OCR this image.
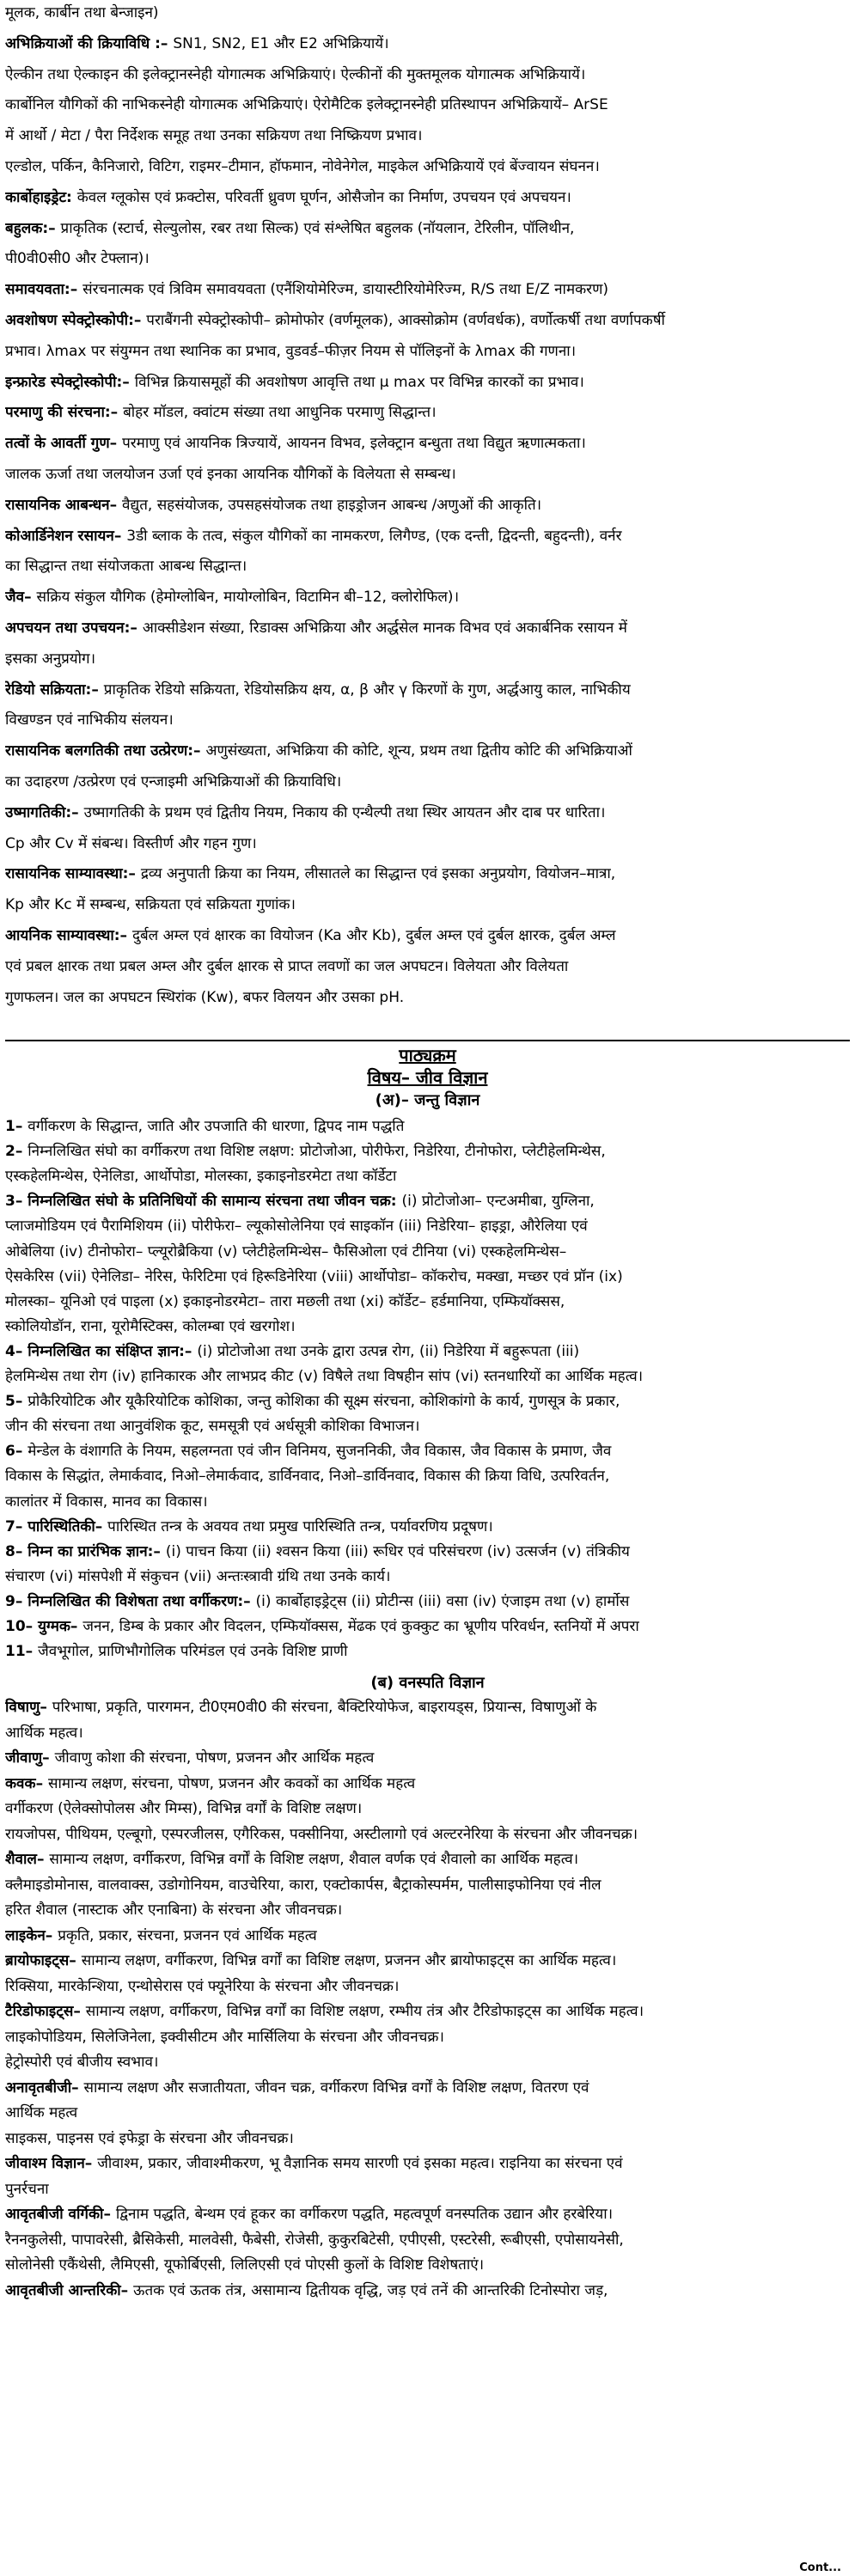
मूलक, कार्बीन तथा बेन्जाइन)
अभिक्रियाओं की क्रियाविधि :– SN1, SN2, E1 और E2 अभिक्रियायें।
ऐल्कीन तथा ऐल्काइन की इलेक्ट्रानस्नेही योगात्मक अभिक्रियाएं। ऐल्कीनों की मुक्तमूलक योगात्मक अभिक्रियायें।
कार्बोनिल यौगिकों की नाभिकस्नेही योगात्मक अभिक्रियाएं। ऐरोमैटिक इलेक्ट्रानस्नेही प्रतिस्थापन अभिक्रियायें– ArSE
में आर्थो / मेटा / पैरा निर्देशक समूह तथा उनका सक्रियण तथा निष्क्रियण प्रभाव।
एल्डोल, पर्किन, कैनिजारो, विटिग, राइमर–टीमान, हॉफमान, नोवेनेगेल, माइकेल अभिक्रियायें एवं बेंज्वायन संघनन।
कार्बोहाइड्रेट: केवल ग्लूकोस एवं फ्रक्टोस, परिवर्ती ध्रुवण घूर्णन, ओसैजोन का निर्माण, उपचयन एवं अपचयन।
बहुलक:– प्राकृतिक (स्टार्च, सेल्युलोस, रबर तथा सिल्क) एवं संश्लेषित बहुलक (नॉयलान, टेरिलीन, पॉलिथीन,
पी0वी0सी0 और टेफ्लान)।
समावयवता:– संरचनात्मक एवं त्रिविम समावयवता (एनैंशियोमेरिज्म, डायास्टीरियोमेरिज्म, R/S तथा E/Z नामकरण)
अवशोषण स्पेक्ट्रोस्कोपी:– पराबैंगनी स्पेक्ट्रोस्कोपी– क्रोमोफोर (वर्णमूलक), आक्सोक्रोम (वर्णवर्धक), वर्णोत्कर्षी तथा वर्णापकर्षी
प्रभाव। λmax पर संयुग्मन तथा स्थानिक का प्रभाव, वुडवर्ड–फीज़र नियम से पॉलिइनों के λmax की गणना।
इन्फ्रारेड स्पेक्ट्रोस्कोपी:– विभिन्न क्रियासमूहों की अवशोषण आवृत्ति तथा μ max पर विभिन्न कारकों का प्रभाव।
परमाणु की संरचना:– बोहर मॉडल, क्वांटम संख्या तथा आधुनिक परमाणु सिद्धान्त।
तत्वों के आवर्ती गुण– परमाणु एवं आयनिक त्रिज्यायें, आयनन विभव, इलेक्ट्रान बन्धुता तथा विद्युत ऋणात्मकता।
जालक ऊर्जा तथा जलयोजन उर्जा एवं इनका आयनिक यौगिकों के विलेयता से सम्बन्ध।
रासायनिक आबन्धन– वैद्युत, सहसंयोजक, उपसहसंयोजक तथा हाइड्रोजन आबन्ध /अणुओं की आकृति।
कोआर्डिनेशन रसायन– 3डी ब्लाक के तत्व, संकुल यौगिकों का नामकरण, लिगैण्ड, (एक दन्ती, द्विदन्ती, बहुदन्ती), वर्नर
का सिद्धान्त तथा संयोजकता आबन्ध सिद्धान्त।
जैव– सक्रिय संकुल यौगिक (हेमोग्लोबिन, मायोग्लोबिन, विटामिन बी–12, क्लोरोफिल)।
अपचयन तथा उपचयन:– आक्सीडेशन संख्या, रिडाक्स अभिक्रिया और अर्द्धसेल मानक विभव एवं अकार्बनिक रसायन में
इसका अनुप्रयोग।
रेडियो सक्रियता:– प्राकृतिक रेडियो सक्रियता, रेडियोसक्रिय क्षय, α, β और γ किरणों के गुण, अर्द्धआयु काल, नाभिकीय
विखण्डन एवं नाभिकीय संलयन।
रासायनिक बलगतिकी तथा उत्प्रेरण:– अणुसंख्यता, अभिक्रिया की कोटि, शून्य, प्रथम तथा द्वितीय कोटि की अभिक्रियाओं
का उदाहरण /उत्प्रेरण एवं एन्जाइमी अभिक्रियाओं की क्रियाविधि।
उष्मागतिकी:– उष्मागतिकी के प्रथम एवं द्वितीय नियम, निकाय की एन्थैल्पी तथा स्थिर आयतन और दाब पर धारिता।
Cp और Cv में संबन्ध। विस्तीर्ण और गहन गुण।
रासायनिक साम्यावस्था:– द्रव्य अनुपाती क्रिया का नियम, लीसातले का सिद्धान्त एवं इसका अनुप्रयोग, वियोजन–मात्रा,
Kp और Kc में सम्बन्ध, सक्रियता एवं सक्रियता गुणांक।
आयनिक साम्यावस्था:– दुर्बल अम्ल एवं क्षारक का वियोजन (Ka और Kb), दुर्बल अम्ल एवं दुर्बल क्षारक, दुर्बल अम्ल
एवं प्रबल क्षारक तथा प्रबल अम्ल और दुर्बल क्षारक से प्राप्त लवणों का जल अपघटन। विलेयता और विलेयता
गुणफलन। जल का अपघटन स्थिरांक (Kw), बफर विलयन और उसका pH.
पाठ्यक्रम
विषय– जीव विज्ञान
(अ)– जन्तु विज्ञान
1– वर्गीकरण के सिद्धान्त, जाति और उपजाति की धारणा, द्विपद नाम पद्धति
2– निम्नलिखित संघो का वर्गीकरण तथा विशिष्ट लक्षण: प्रोटोजोआ, पोरीफेरा, निडेरिया, टीनोफोरा, प्लेटीहेलमिन्थेस,
एस्कहेलमिन्थेस, ऐनेलिडा, आर्थोपोडा, मोलस्का, इकाइनोडरमेटा तथा कॉर्डेटा
3– निम्नलिखित संघो के प्रतिनिधियों की सामान्य संरचना तथा जीवन चक्र: (i) प्रोटोजोआ– एन्टअमीबा, युग्लिना,
प्लाजमोडियम एवं पैरामिशियम (ii) पोरीफेरा– ल्यूकोसोलेनिया एवं साइकॉन (iii) निडेरिया– हाइड्रा, औरेलिया एवं
ओबेलिया (iv) टीनोफोरा– प्ल्यूरोब्रैकिया (v) प्लेटीहेलमिन्थेस– फैसिओला एवं टीनिया (vi) एस्कहेलमिन्थेस–
ऐसकेरिस (vii) ऐनेलिडा– नेरिस, फेरिटिमा एवं हिरूडिनेरिया (viii) आर्थोपोडा– कॉकरोच, मक्खा, मच्छर एवं प्रॉन (ix)
मोलस्का– यूनिओ एवं पाइला (x) इकाइनोडरमेटा– तारा मछली तथा (xi) कॉर्डेट– हर्डमानिया, एम्फियॉक्सस,
स्कोलियोडॉन, राना, यूरोमैस्टिक्स, कोलम्बा एवं खरगोश।
4– निम्नलिखित का संक्षिप्त ज्ञान:– (i) प्रोटोजोआ तथा उनके द्वारा उत्पन्न रोग, (ii) निडेरिया में बहुरूपता (iii)
हेलमिन्थेस तथा रोग (iv) हानिकारक और लाभप्रद कीट (v) विषैले तथा विषहीन सांप (vi) स्तनधारियों का आर्थिक महत्व।
5– प्रोकैरियोटिक और यूकैरियोटिक कोशिका, जन्तु कोशिका की सूक्ष्म संरचना, कोशिकांगो के कार्य, गुणसूत्र के प्रकार,
जीन की संरचना तथा आनुवंशिक कूट, समसूत्री एवं अर्धसूत्री कोशिका विभाजन।
6– मेन्डेल के वंशागति के नियम, सहलग्नता एवं जीन विनिमय, सुजननिकी, जैव विकास, जैव विकास के प्रमाण, जैव
विकास के सिद्धांत, लेमार्कवाद, निओ–लेमार्कवाद, डार्विनवाद, निओ–डार्विनवाद, विकास की क्रिया विधि, उत्परिवर्तन,
कालांतर में विकास, मानव का विकास।
7– पारिस्थितिकी– पारिस्थित तन्त्र के अवयव तथा प्रमुख पारिस्थिति तन्त्र, पर्यावरणिय प्रदूषण।
8– निम्न का प्रारंभिक ज्ञान:– (i) पाचन किया (ii) श्वसन किया (iii) रूधिर एवं परिसंचरण (iv) उत्सर्जन (v) तंत्रिकीय
संचारण (vi) मांसपेशी में संकुचन (vii) अन्तःस्त्रावी ग्रंथि तथा उनके कार्य।
9– निम्नलिखित की विशेषता तथा वर्गीकरण:– (i) कार्बोहाइड्रेट्स (ii) प्रोटीन्स (iii) वसा (iv) एंजाइम तथा (v) हार्मोस
10– युग्मक– जनन, डिम्ब के प्रकार और विदलन, एम्फियॉक्सस, मेंढक एवं कुक्कुट का भ्रूणीय परिवर्धन, स्तनियों में अपरा
11– जैवभूगोल, प्राणिभौगोलिक परिमंडल एवं उनके विशिष्ट प्राणी
(ब) वनस्पति विज्ञान
विषाणु– परिभाषा, प्रकृति, पारगमन, टी0एम0वी0 की संरचना, बैक्टिरियोफेज, बाइरायड्स, प्रियान्स, विषाणुओं के
आर्थिक महत्व।
जीवाणु– जीवाणु कोशा की संरचना, पोषण, प्रजनन और आर्थिक महत्व
कवक– सामान्य लक्षण, संरचना, पोषण, प्रजनन और कवकों का आर्थिक महत्व
वर्गीकरण (ऐलेक्सोपोलस और मिम्स), विभिन्न वर्गों के विशिष्ट लक्षण।
रायजोपस, पीथियम, एल्बूगो, एस्परजीलस, एगैरिकस, पक्सीनिया, अस्टीलागो एवं अल्टरनेरिया के संरचना और जीवनचक्र।
शैवाल– सामान्य लक्षण, वर्गीकरण, विभिन्न वर्गों के विशिष्ट लक्षण, शैवाल वर्णक एवं शैवालो का आर्थिक महत्व।
क्लैमाइडोमोनास, वालवाक्स, उडोगोनियम, वाउचेरिया, कारा, एक्टोकार्पस, बैट्राकोस्पर्मम, पालीसाइफोनिया एवं नील
हरित शैवाल (नास्टाक और एनाबिना) के संरचना और जीवनचक्र।
लाइकेन– प्रकृति, प्रकार, संरचना, प्रजनन एवं आर्थिक महत्व
ब्रायोफाइट्स– सामान्य लक्षण, वर्गीकरण, विभिन्न वर्गों का विशिष्ट लक्षण, प्रजनन और ब्रायोफाइट्स का आर्थिक महत्व।
रिक्सिया, मारकेन्शिया, एन्थोसेरास एवं फ्यूनेरिया के संरचना और जीवनचक्र।
टैरिडोफाइट्स– सामान्य लक्षण, वर्गीकरण, विभिन्न वर्गों का विशिष्ट लक्षण, रम्भीय तंत्र और टैरिडोफाइट्स का आर्थिक महत्व।
लाइकोपोडियम, सिलेजिनेला, इक्वीसीटम और मार्सिलिया के संरचना और जीवनचक्र।
हेट्रोस्पोरी एवं बीजीय स्वभाव।
अनावृतबीजी– सामान्य लक्षण और सजातीयता, जीवन चक्र, वर्गीकरण विभिन्न वर्गों के विशिष्ट लक्षण, वितरण एवं
आर्थिक महत्व
साइकस, पाइनस एवं इफेड्रा के संरचना और जीवनचक्र।
जीवाश्म विज्ञान– जीवाश्म, प्रकार, जीवाश्मीकरण, भू वैज्ञानिक समय सारणी एवं इसका महत्व। राइनिया का संरचना एवं
पुनर्रचना
आवृतबीजी वर्गिकी– द्विनाम पद्धति, बेन्थम एवं हूकर का वर्गीकरण पद्धति, महत्वपूर्ण वनस्पतिक उद्यान और हरबेरिया।
रैननकुलेसी, पापावरेसी, ब्रैसिकेसी, मालवेसी, फैबेसी, रोजेसी, कुकुरबिटेसी, एपीएसी, एस्टरेसी, रूबीएसी, एपोसायनेसी,
सोलोनेसी एकैंथेसी, लैमिएसी, यूफोर्बिएसी, लिलिएसी एवं पोएसी कुलों के विशिष्ट विशेषताएं।
आवृतबीजी आन्तरिकी– ऊतक एवं ऊतक तंत्र, असामान्य द्वितीयक वृद्धि, जड़ एवं तनें की आन्तरिकी टिनोस्पोरा जड़,
Cont...
